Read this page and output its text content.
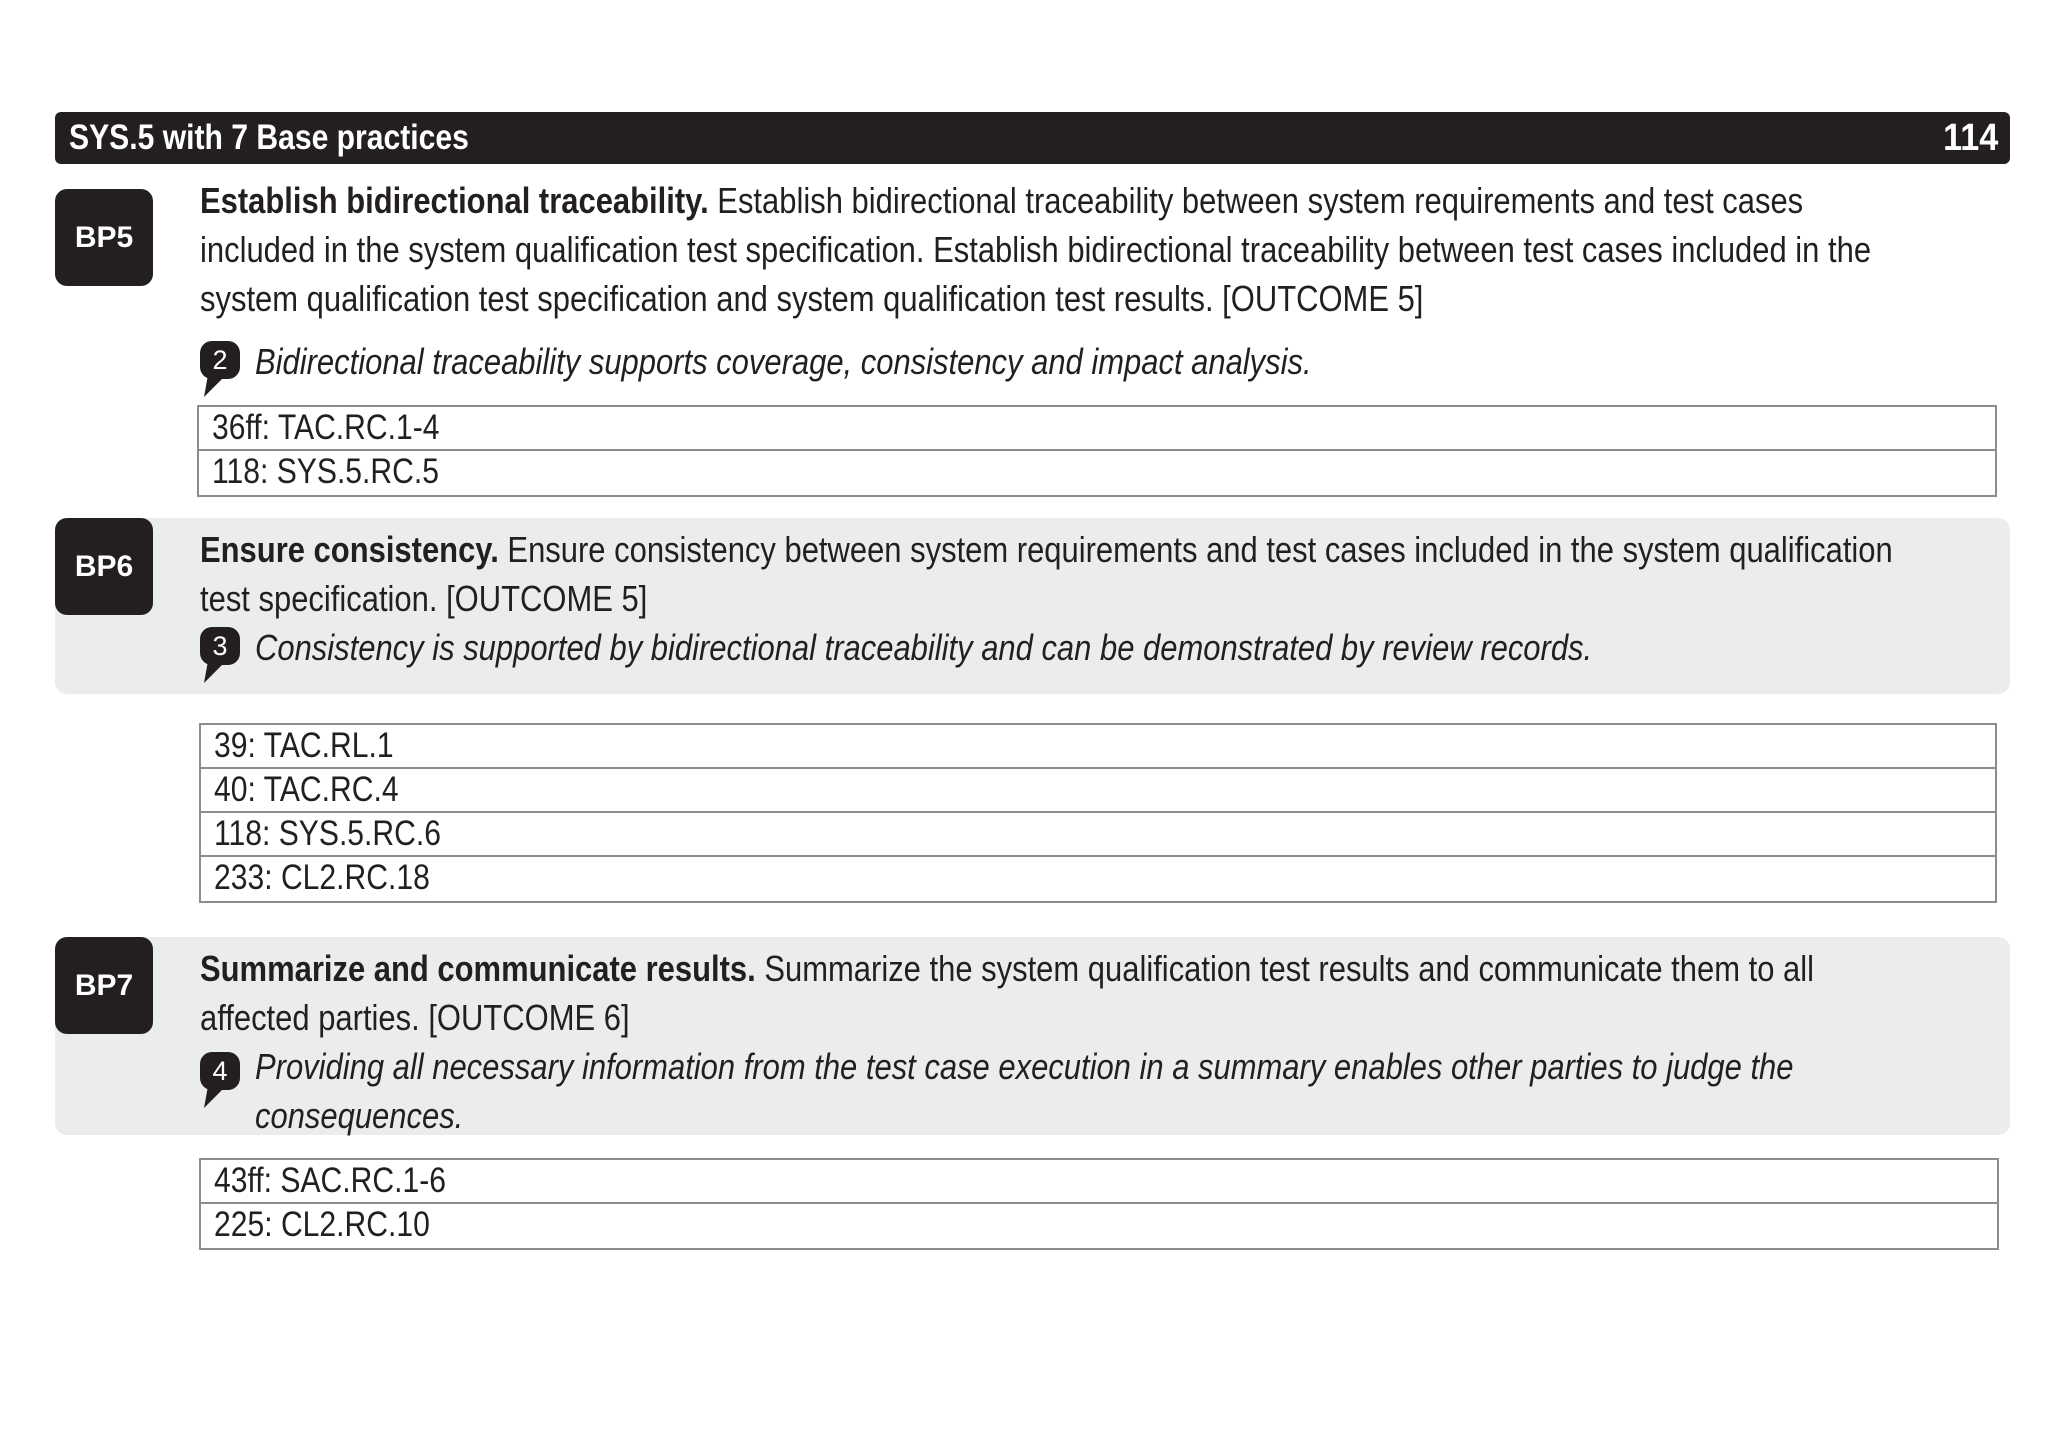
SYS.5 with 7 Base practices	114
BP5
Establish bidirectional traceability. Establish bidirectional traceability between system requirements and test cases
included in the system qualification test specification. Establish bidirectional traceability between test cases included in the
system qualification test specification and system qualification test results. [OUTCOME 5]
2 Bidirectional traceability supports coverage, consistency and impact analysis.
36ff: TAC.RC.1-4
118: SYS.5.RC.5
BP6	Ensure consistency. Ensure consistency between system requirements and test cases included in the system qualification
test specification. [OUTCOME 5]
3 Consistency is supported by bidirectional traceability and can be demonstrated by review records.
39: TAC.RL.1
40: TAC.RC.4
118: SYS.5.RC.6
233: CL2.RC.18
BP7	Summarize and communicate results. Summarize the system qualification test results and communicate them to all
affected parties. [OUTCOME 6]
4 Providing all necessary information from the test case execution in a summary enables other parties to judge the
consequences.
43ff: SAC.RC.1-6
225: CL2.RC.10
